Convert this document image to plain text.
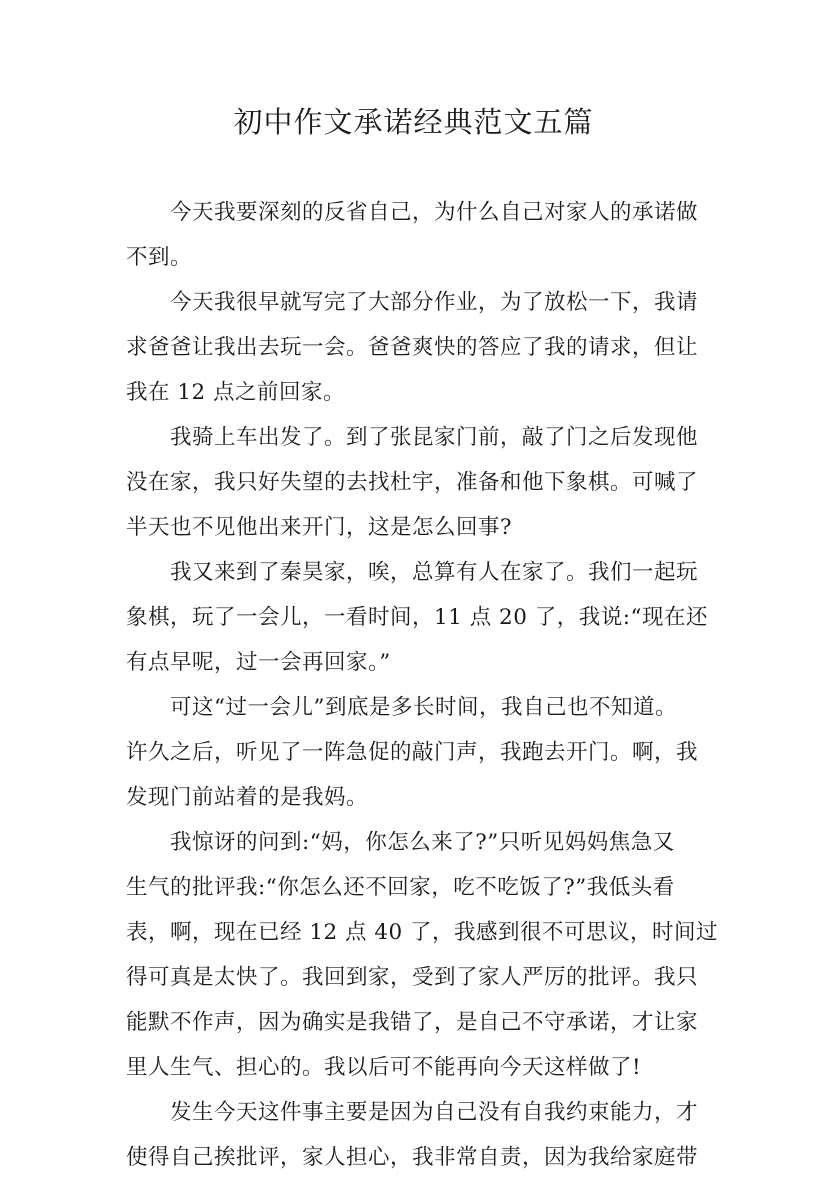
初中作文承诺经典范文五篇
今天我要深刻的反省自己，为什么自己对家人的承诺做
不到。
今天我很早就写完了大部分作业，为了放松一下，我请
求爸爸让我出去玩一会。爸爸爽快的答应了我的请求，但让
我在 12 点之前回家。
我骑上车出发了。到了张昆家门前，敲了门之后发现他
没在家，我只好失望的去找杜宇，准备和他下象棋。可喊了
半天也不见他出来开门，这是怎么回事?
我又来到了秦昊家，唉，总算有人在家了。我们一起玩
象棋，玩了一会儿，一看时间，11 点 20 了，我说:“现在还
有点早呢，过一会再回家。”
可这“过一会儿”到底是多长时间，我自己也不知道。
许久之后，听见了一阵急促的敲门声，我跑去开门。啊，我
发现门前站着的是我妈。
我惊讶的问到:“妈，你怎么来了?”只听见妈妈焦急又
生气的批评我:“你怎么还不回家，吃不吃饭了?”我低头看
表，啊，现在已经 12 点 40 了，我感到很不可思议，时间过
得可真是太快了。我回到家，受到了家人严厉的批评。我只
能默不作声，因为确实是我错了，是自己不守承诺，才让家
里人生气、担心的。我以后可不能再向今天这样做了!
发生今天这件事主要是因为自己没有自我约束能力，才
使得自己挨批评，家人担心，我非常自责，因为我给家庭带
